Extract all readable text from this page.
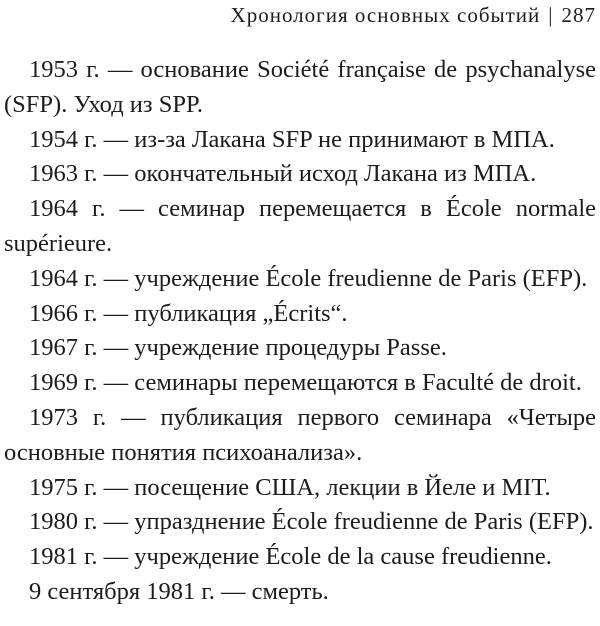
Хронология основных событий | 287

1953 г. — основание Société française de psychanalyse (SFP). Уход из SPP.

1954 г. — из-за Лакана SFP не принимают в МПА.

1963 г. — окончательный исход Лакана из МПА.

1964 г. — семинар перемещается в École normale supérieure.

1964 г. — учреждение École freudienne de Paris (EFP).

1966 г. — публикация „Écrits“.

1967 г. — учреждение процедуры Passe.

1969 г. — семинары перемещаются в Faculté de droit.

1973 г. — публикация первого семинара «Четыре основные понятия психоанализа».

1975 г. — посещение США, лекции в Йеле и MIT.

1980 г. — упразднение École freudienne de Paris (EFP).

1981 г. — учреждение École de la cause freudienne.

9 сентября 1981 г. — смерть.
